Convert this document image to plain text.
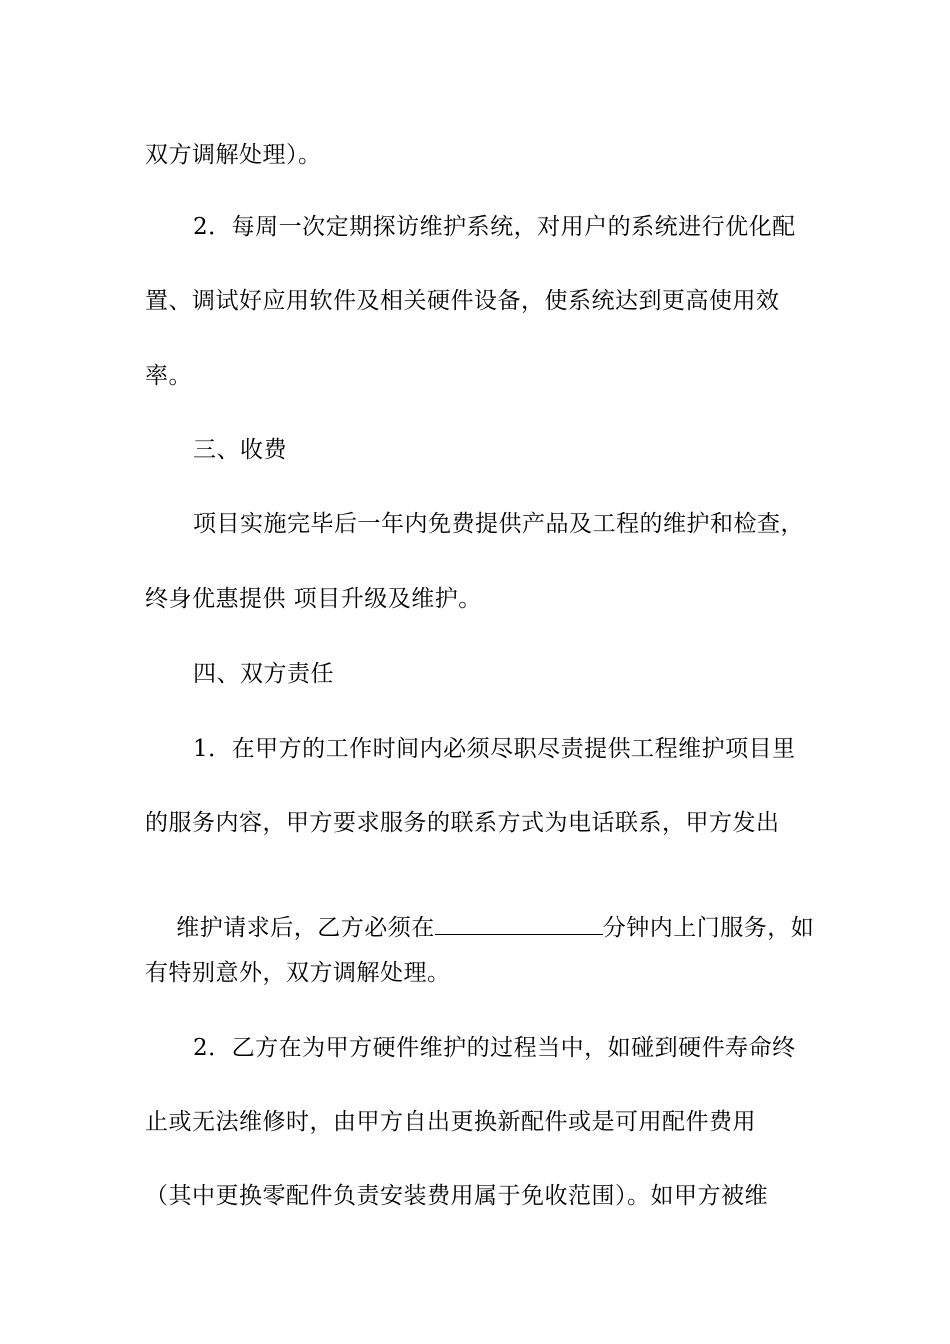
双方调解处理）。
2．每周一次定期探访维护系统，对用户的系统进行优化配
置、调试好应用软件及相关硬件设备，使系统达到更高使用效
率。
三、收费
项目实施完毕后一年内免费提供产品及工程的维护和检查，
终身优惠提供 项目升级及维护。
四、双方责任
1．在甲方的工作时间内必须尽职尽责提供工程维护项目里
的服务内容，甲方要求服务的联系方式为电话联系，甲方发出

维护请求后，乙方必须在	分钟内上门服务，如

有特别意外，双方调解处理。
2．乙方在为甲方硬件维护的过程当中，如碰到硬件寿命终
止或无法维修时，由甲方自出更换新配件或是可用配件费用
（其中更换零配件负责安装费用属于免收范围）。如甲方被维
